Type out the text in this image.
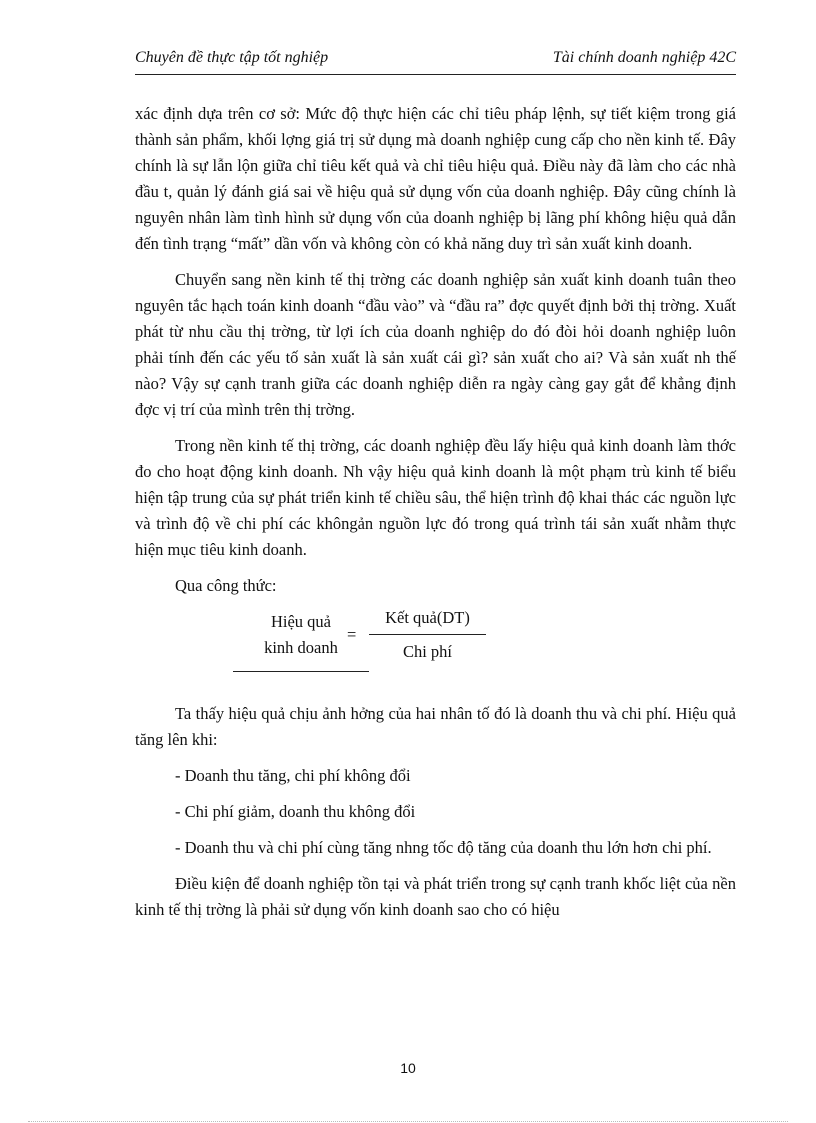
Chuyên đề thực tập tốt nghiệp	Tài chính doanh nghiệp 42C

xác định dựa trên cơ sở: Mức độ thực hiện các chỉ tiêu pháp lệnh, sự tiết kiệm trong giá thành sản phẩm, khối lợng giá trị sử dụng mà doanh nghiệp cung cấp cho nền kinh tế. Đây chính là sự lẫn lộn giữa chỉ tiêu kết quả và chỉ tiêu hiệu quả. Điều này đã làm cho các nhà đầu t, quản lý đánh giá sai về hiệu quả sử dụng vốn của doanh nghiệp. Đây cũng chính là nguyên nhân làm tình hình sử dụng vốn của doanh nghiệp bị lãng phí không hiệu quả dẫn đến tình trạng “mất” dần vốn và không còn có khả năng duy trì sản xuất kinh doanh.

Chuyển sang nền kinh tế thị trờng các doanh nghiệp sản xuất kinh doanh tuân theo nguyên tắc hạch toán kinh doanh “đầu vào” và “đầu ra” đợc quyết định bởi thị trờng. Xuất phát từ nhu cầu thị trờng, từ lợi ích của doanh nghiệp do đó đòi hỏi doanh nghiệp luôn phải tính đến các yếu tố sản xuất là sản xuất cái gì? sản xuất cho ai? Và sản xuất nh thế nào? Vậy sự cạnh tranh giữa các doanh nghiệp diễn ra ngày càng gay gắt để khẳng định đợc vị trí của mình trên thị trờng.

Trong nền kinh tế thị trờng, các doanh nghiệp đều lấy hiệu quả kinh doanh làm thớc đo cho hoạt động kinh doanh. Nh vậy hiệu quả kinh doanh là một phạm trù kinh tế biểu hiện tập trung của sự phát triển kinh tế chiều sâu, thể hiện trình độ khai thác các nguồn lực và trình độ về chi phí các khôngản nguồn lực đó trong quá trình tái sản xuất nhằm thực hiện mục tiêu kinh doanh.

Qua công thức:

Hiệu quả
kinh doanh
=
Kết quả(DT)
Chi phí

Ta thấy hiệu quả chịu ảnh hởng của hai nhân tố đó là doanh thu và chi phí. Hiệu quả tăng lên khi:

- Doanh thu tăng, chi phí không đổi

- Chi phí giảm, doanh thu không đổi

- Doanh thu và chi phí cùng tăng nhng tốc độ tăng của doanh thu lớn hơn chi phí.

Điều kiện để doanh nghiệp tồn tại và phát triển trong sự cạnh tranh khốc liệt của nền kinh tế thị trờng là phải sử dụng vốn kinh doanh sao cho có hiệu

10
